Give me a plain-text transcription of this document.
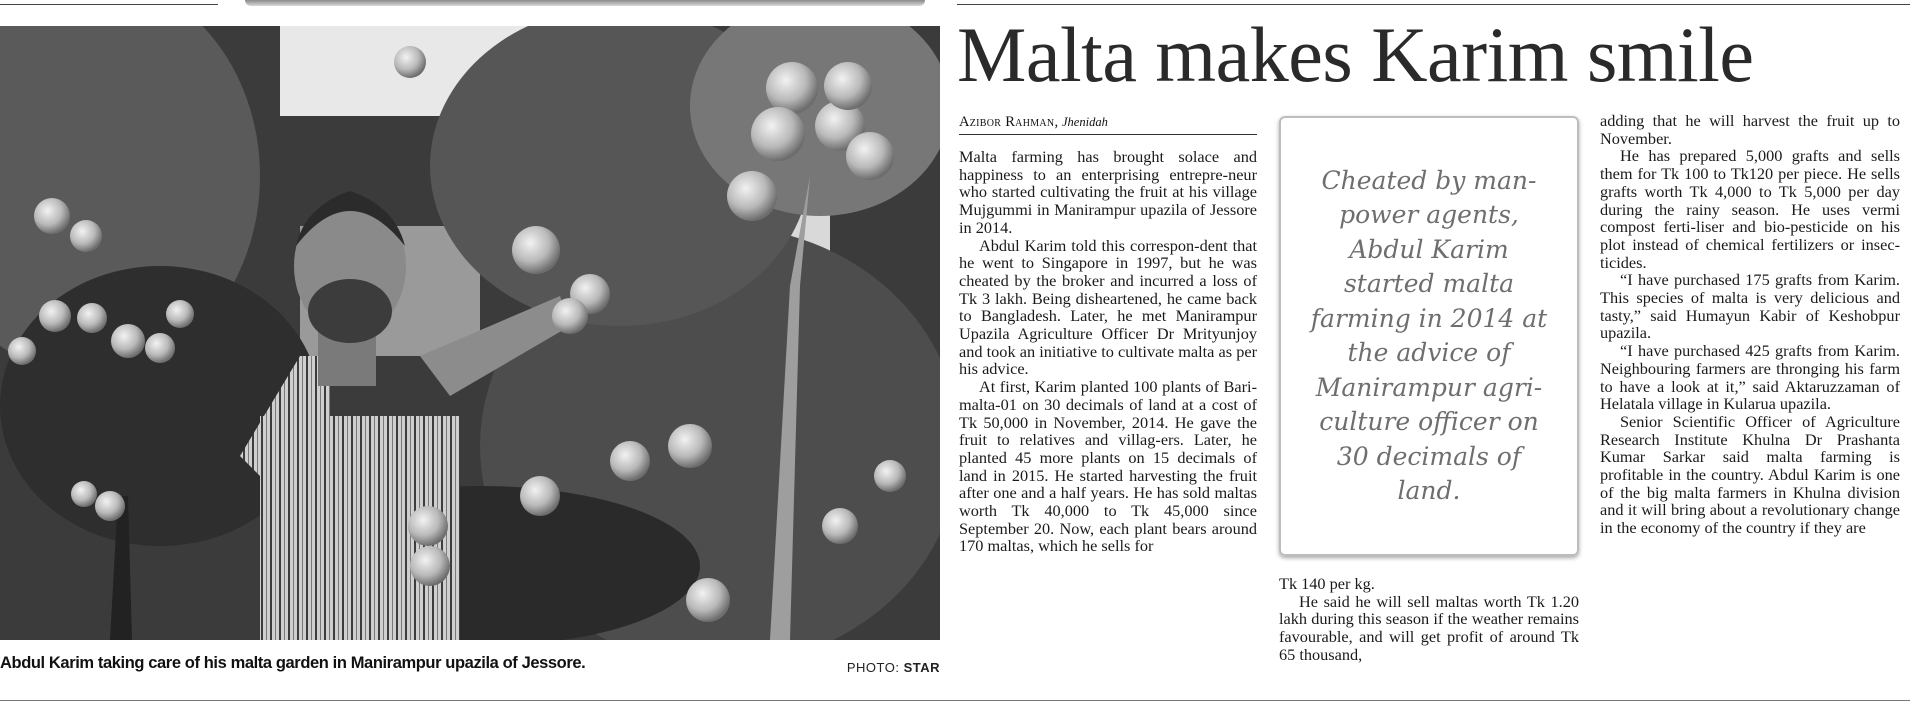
Abdul Karim taking care of his malta garden in Manirampur upazila of Jessore.	PHOTO: STAR
Malta makes Karim smile
Azibor Rahman, Jhenidah

Malta farming has brought solace and happiness to an enterprising entrepre-neur who started cultivating the fruit at his village Mujgummi in Manirampur upazila of Jessore in 2014.

Abdul Karim told this correspon-dent that he went to Singapore in 1997, but he was cheated by the broker and incurred a loss of Tk 3 lakh. Being disheartened, he came back to Bangladesh. Later, he met Manirampur Upazila Agriculture Officer Dr Mrityunjoy and took an initiative to cultivate malta as per his advice.

At first, Karim planted 100 plants of Bari-malta-01 on 30 decimals of land at a cost of Tk 50,000 in November, 2014. He gave the fruit to relatives and villag-ers. Later, he planted 45 more plants on 15 decimals of land in 2015. He started harvesting the fruit after one and a half years. He has sold maltas worth Tk 40,000 to Tk 45,000 since September 20. Now, each plant bears around 170 maltas, which he sells for

Cheated by man-power agents, Abdul Karim started malta farming in 2014 at the advice of Manirampur agri-culture officer on 30 decimals of land.

Tk 140 per kg.

He said he will sell maltas worth Tk 1.20 lakh during this season if the weather remains favourable, and will get profit of around Tk 65 thousand,

adding that he will harvest the fruit up to November.

He has prepared 5,000 grafts and sells them for Tk 100 to Tk120 per piece. He sells grafts worth Tk 4,000 to Tk 5,000 per day during the rainy season. He uses vermi compost ferti-liser and bio-pesticide on his plot instead of chemical fertilizers or insec-ticides.

“I have purchased 175 grafts from Karim. This species of malta is very delicious and tasty,” said Humayun Kabir of Keshobpur upazila.

“I have purchased 425 grafts from Karim. Neighbouring farmers are thronging his farm to have a look at it,” said Aktaruzzaman of Helatala village in Kularua upazila.

Senior Scientific Officer of Agriculture Research Institute Khulna Dr Prashanta Kumar Sarkar said malta farming is profitable in the country. Abdul Karim is one of the big malta farmers in Khulna division and it will bring about a revolutionary change in the economy of the country if they are
